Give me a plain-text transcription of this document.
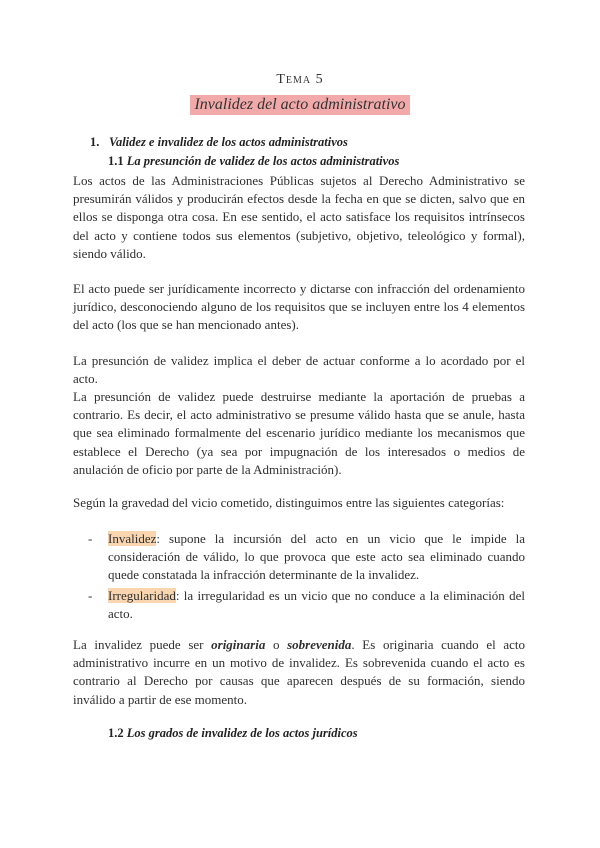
Tema 5
Invalidez del acto administrativo
1. Validez e invalidez de los actos administrativos
1.1 La presunción de validez de los actos administrativos
Los actos de las Administraciones Públicas sujetos al Derecho Administrativo se presumirán válidos y producirán efectos desde la fecha en que se dicten, salvo que en ellos se disponga otra cosa. En ese sentido, el acto satisface los requisitos intrínsecos del acto y contiene todos sus elementos (subjetivo, objetivo, teleológico y formal), siendo válido.
El acto puede ser jurídicamente incorrecto y dictarse con infracción del ordenamiento jurídico, desconociendo alguno de los requisitos que se incluyen entre los 4 elementos del acto (los que se han mencionado antes).
La presunción de validez implica el deber de actuar conforme a lo acordado por el acto.
La presunción de validez puede destruirse mediante la aportación de pruebas a contrario. Es decir, el acto administrativo se presume válido hasta que se anule, hasta que sea eliminado formalmente del escenario jurídico mediante los mecanismos que establece el Derecho (ya sea por impugnación de los interesados o medios de anulación de oficio por parte de la Administración).
Según la gravedad del vicio cometido, distinguimos entre las siguientes categorías:
- Invalidez: supone la incursión del acto en un vicio que le impide la consideración de válido, lo que provoca que este acto sea eliminado cuando quede constatada la infracción determinante de la invalidez.
- Irregularidad: la irregularidad es un vicio que no conduce a la eliminación del acto.
La invalidez puede ser originaria o sobrevenida. Es originaria cuando el acto administrativo incurre en un motivo de invalidez. Es sobrevenida cuando el acto es contrario al Derecho por causas que aparecen después de su formación, siendo inválido a partir de ese momento.
1.2 Los grados de invalidez de los actos jurídicos
